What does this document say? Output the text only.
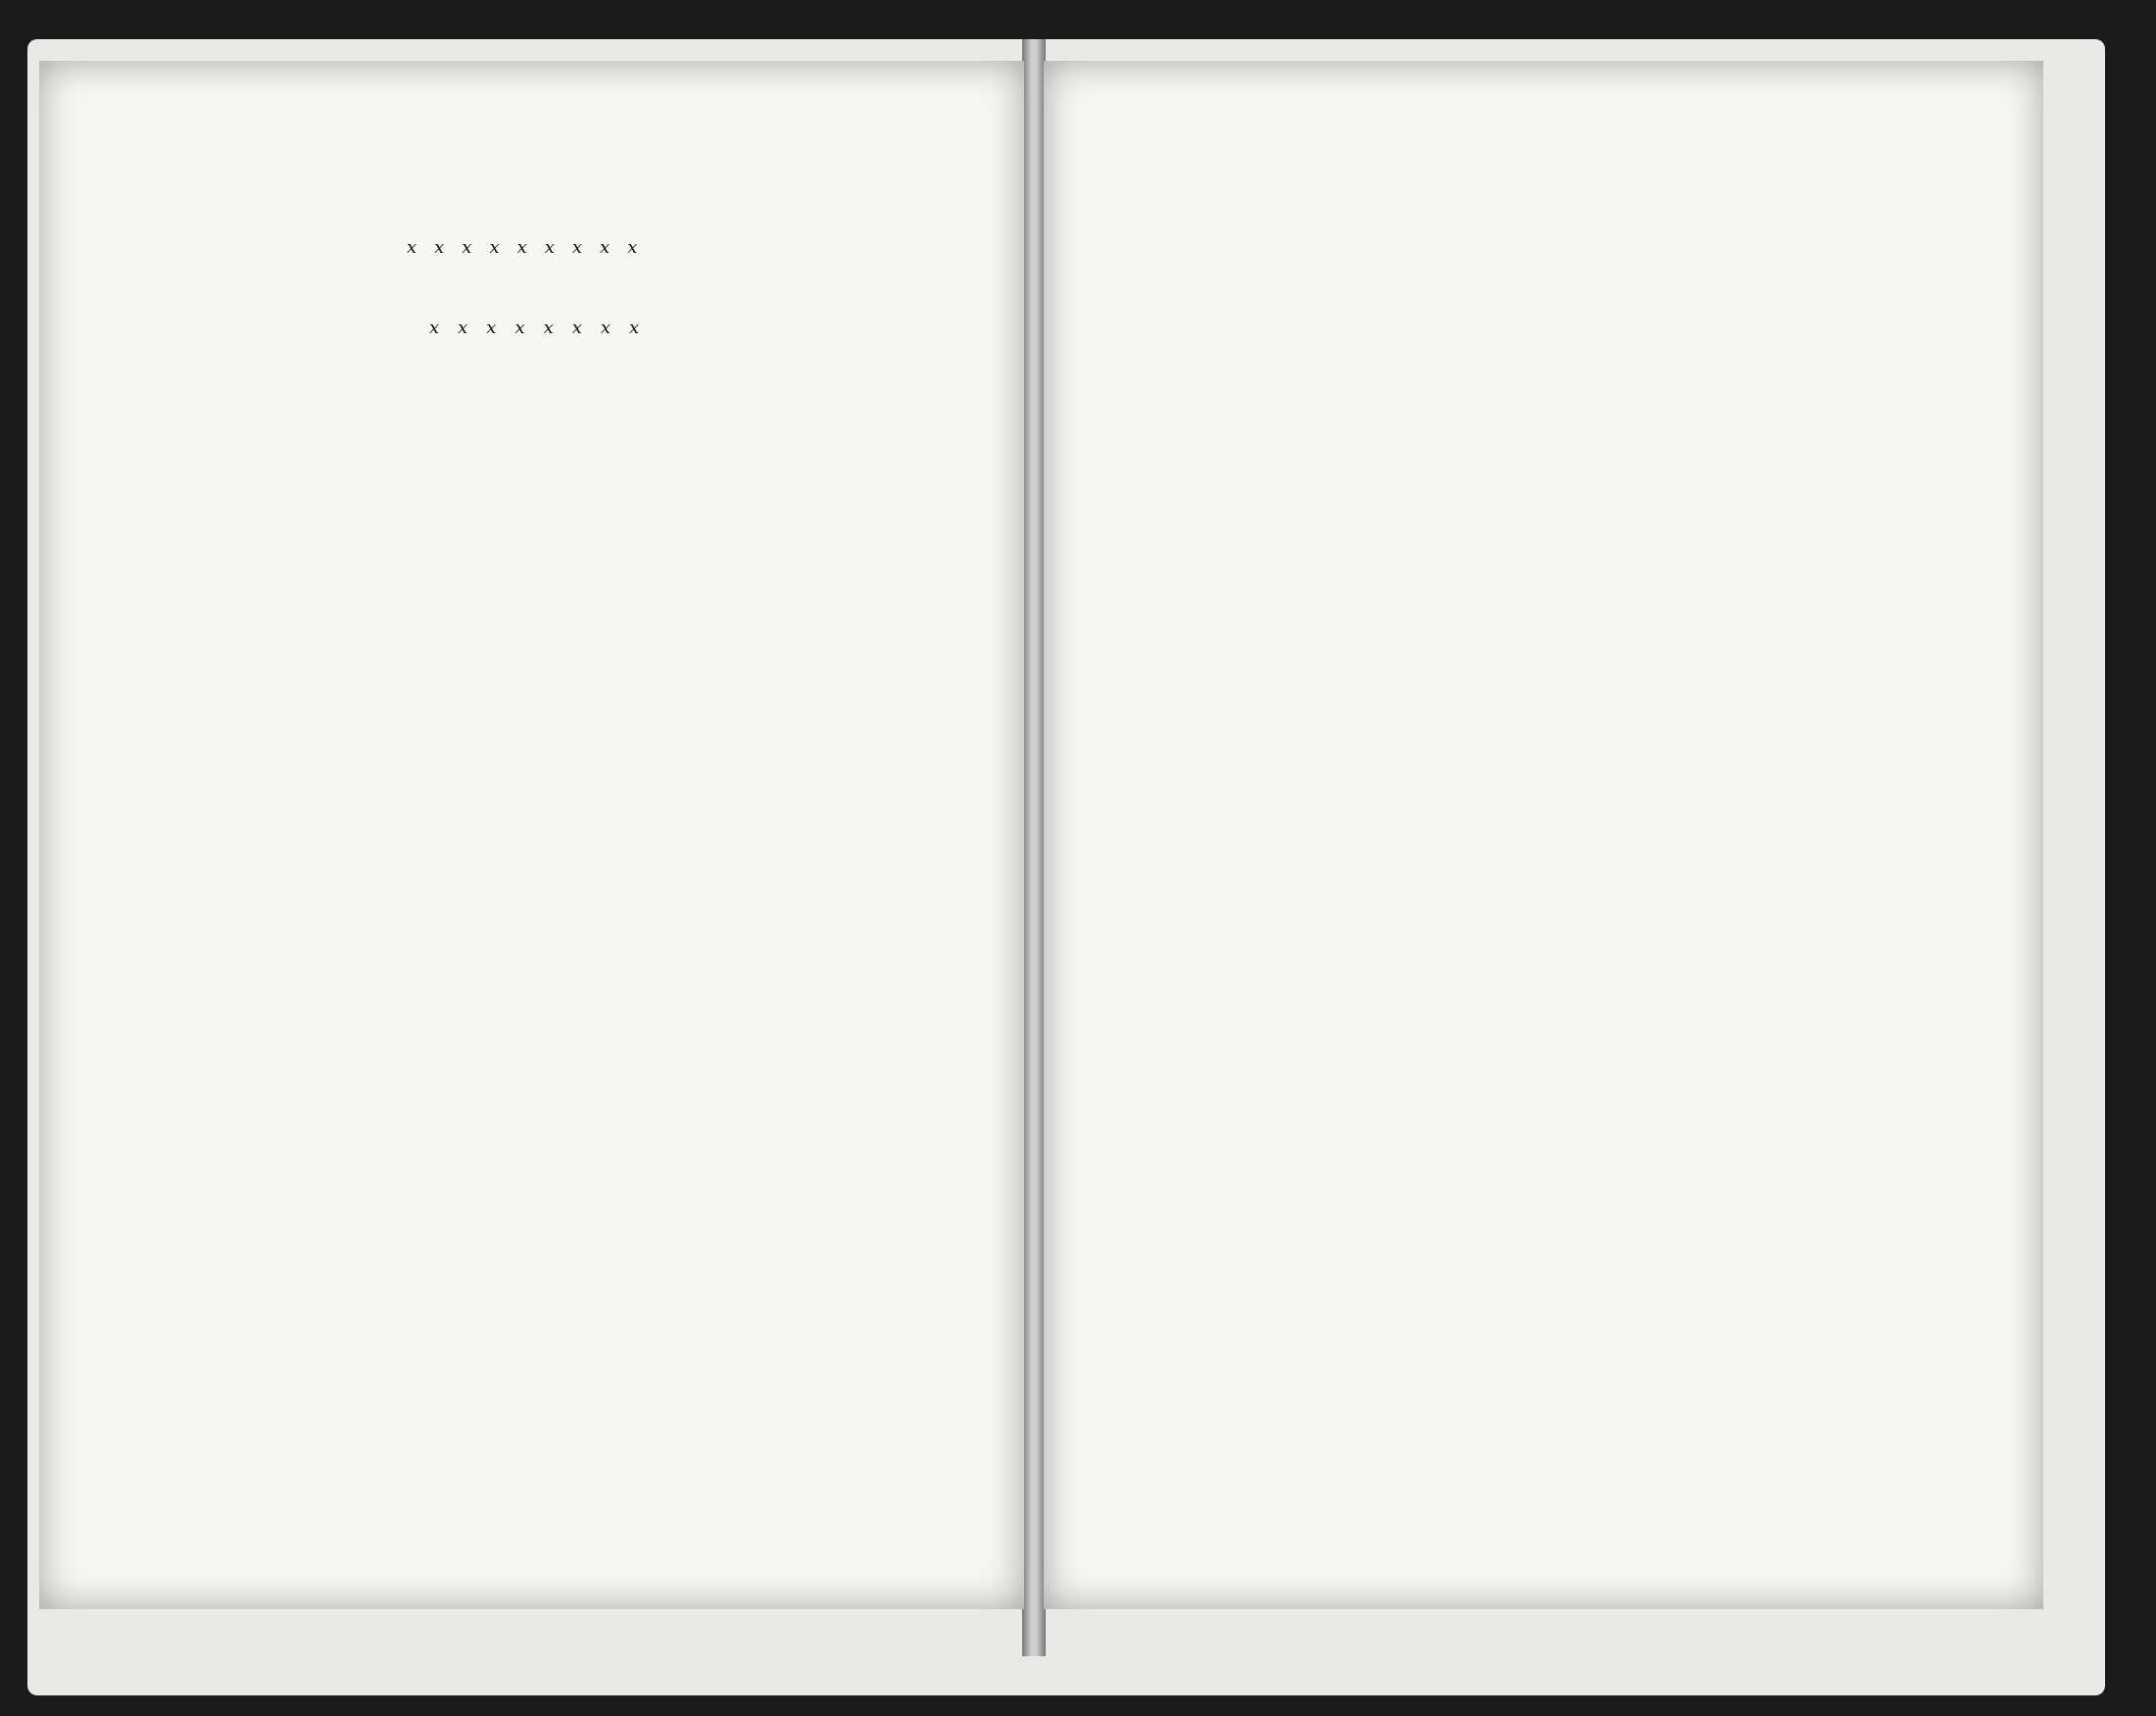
xxxxxxxxx
xxxxxxxx
